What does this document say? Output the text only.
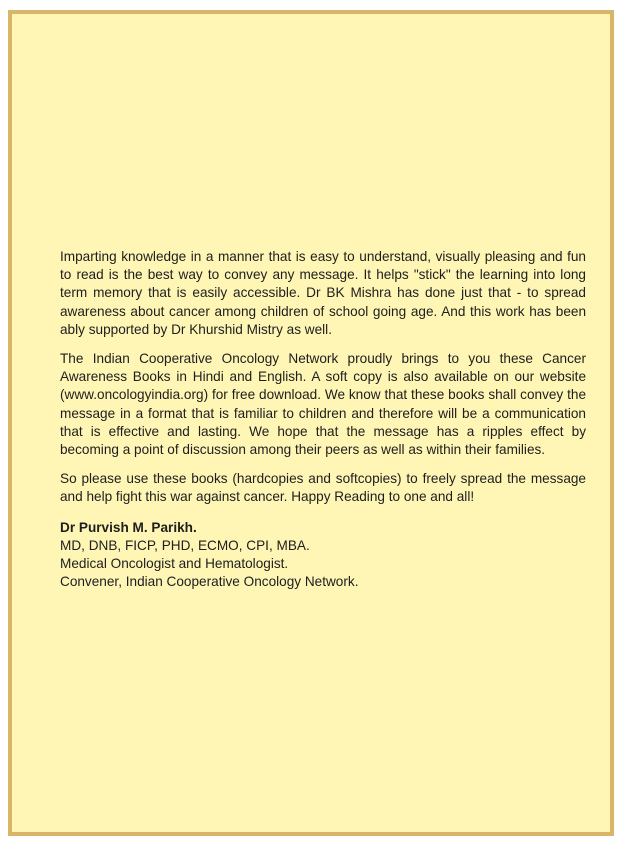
Imparting knowledge in a manner that is easy to understand, visually pleasing and fun to read is the best way to convey any message. It helps "stick" the learning into long term memory that is easily accessible. Dr BK Mishra has done just that - to spread awareness about cancer among children of school going age. And this work has been ably supported by Dr Khurshid Mistry as well.

The Indian Cooperative Oncology Network proudly brings to you these Cancer Awareness Books in Hindi and English. A soft copy is also available on our website (www.oncologyindia.org) for free download. We know that these books shall convey the message in a format that is familiar to children and therefore will be a communication that is effective and lasting. We hope that the message has a ripples effect by becoming a point of discussion among their peers as well as within their families.

So please use these books (hardcopies and softcopies) to freely spread the message and help fight this war against cancer. Happy Reading to one and all!

Dr Purvish M. Parikh.

MD, DNB, FICP, PHD, ECMO, CPI, MBA.

Medical Oncologist and Hematologist.

Convener, Indian Cooperative Oncology Network.
